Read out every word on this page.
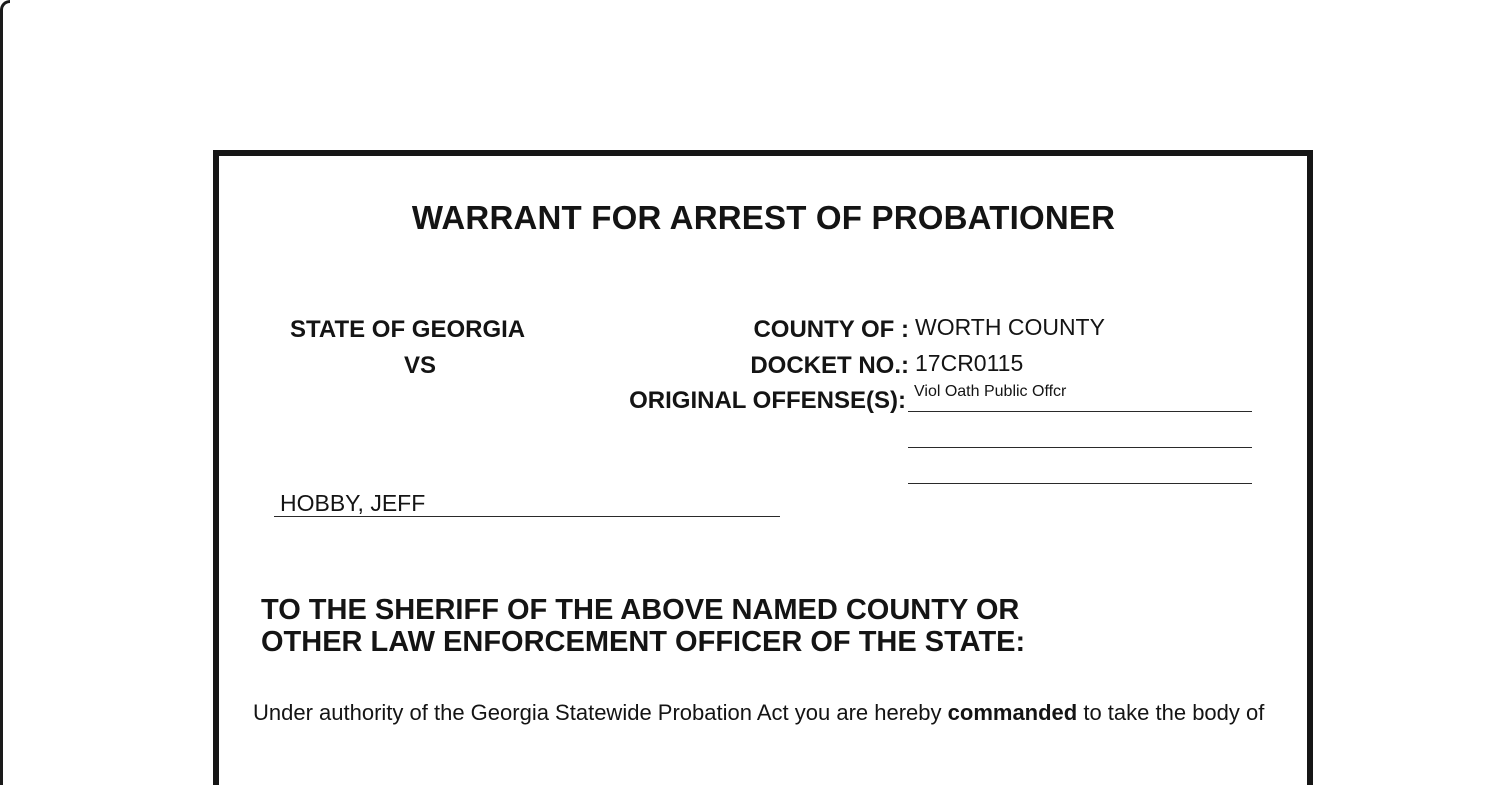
WARRANT FOR ARREST OF PROBATIONER
STATE OF GEORGIA
VS
COUNTY OF :
DOCKET NO.:
ORIGINAL OFFENSE(S):
WORTH COUNTY
17CR0115
Viol Oath Public Offcr
HOBBY, JEFF
TO THE SHERIFF OF THE ABOVE NAMED COUNTY OR
OTHER LAW ENFORCEMENT OFFICER OF THE STATE:
Under authority of the Georgia Statewide Probation Act you are hereby commanded to take the body of
